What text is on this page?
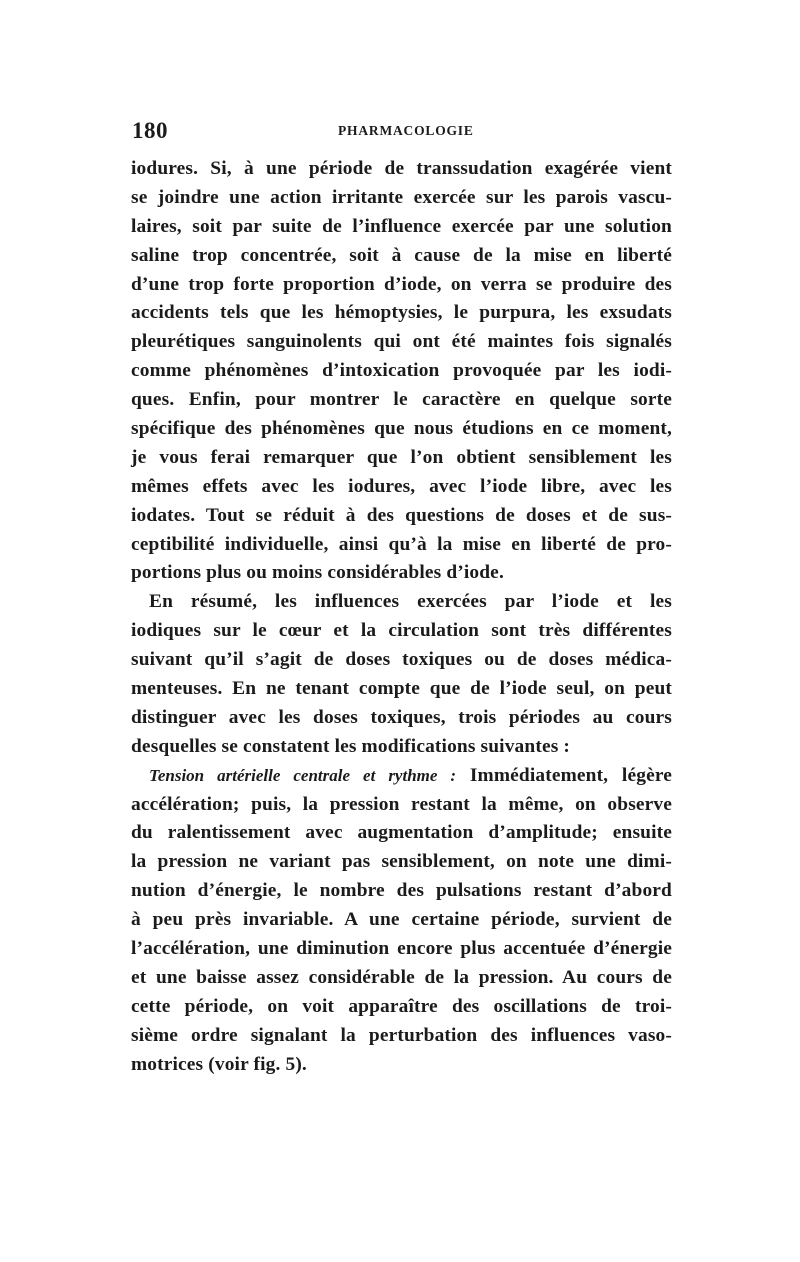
180	PHARMACOLOGIE
iodures. Si, à une période de transsudation exagérée vient
se joindre une action irritante exercée sur les parois vascu-
laires, soit par suite de l’influence exercée par une solution
saline trop concentrée, soit à cause de la mise en liberté
d’une trop forte proportion d’iode, on verra se produire des
accidents tels que les hémoptysies, le purpura, les exsudats
pleurétiques sanguinolents qui ont été maintes fois signalés
comme phénomènes d’intoxication provoquée par les iodi-
ques. Enfin, pour montrer le caractère en quelque sorte
spécifique des phénomènes que nous étudions en ce moment,
je vous ferai remarquer que l’on obtient sensiblement les
mêmes effets avec les iodures, avec l’iode libre, avec les
iodates. Tout se réduit à des questions de doses et de sus-
ceptibilité individuelle, ainsi qu’à la mise en liberté de pro-
portions plus ou moins considérables d’iode.
En résumé, les influences exercées par l’iode et les
iodiques sur le cœur et la circulation sont très différentes
suivant qu’il s’agit de doses toxiques ou de doses médica-
menteuses. En ne tenant compte que de l’iode seul, on peut
distinguer avec les doses toxiques, trois périodes au cours
desquelles se constatent les modifications suivantes :
Tension artérielle centrale et rythme : Immédiatement, légère
accélération; puis, la pression restant la même, on observe
du ralentissement avec augmentation d’amplitude; ensuite
la pression ne variant pas sensiblement, on note une dimi-
nution d’énergie, le nombre des pulsations restant d’abord
à peu près invariable. A une certaine période, survient de
l’accélération, une diminution encore plus accentuée d’énergie
et une baisse assez considérable de la pression. Au cours de
cette période, on voit apparaître des oscillations de troi-
sième ordre signalant la perturbation des influences vaso-
motrices (voir fig. 5).
